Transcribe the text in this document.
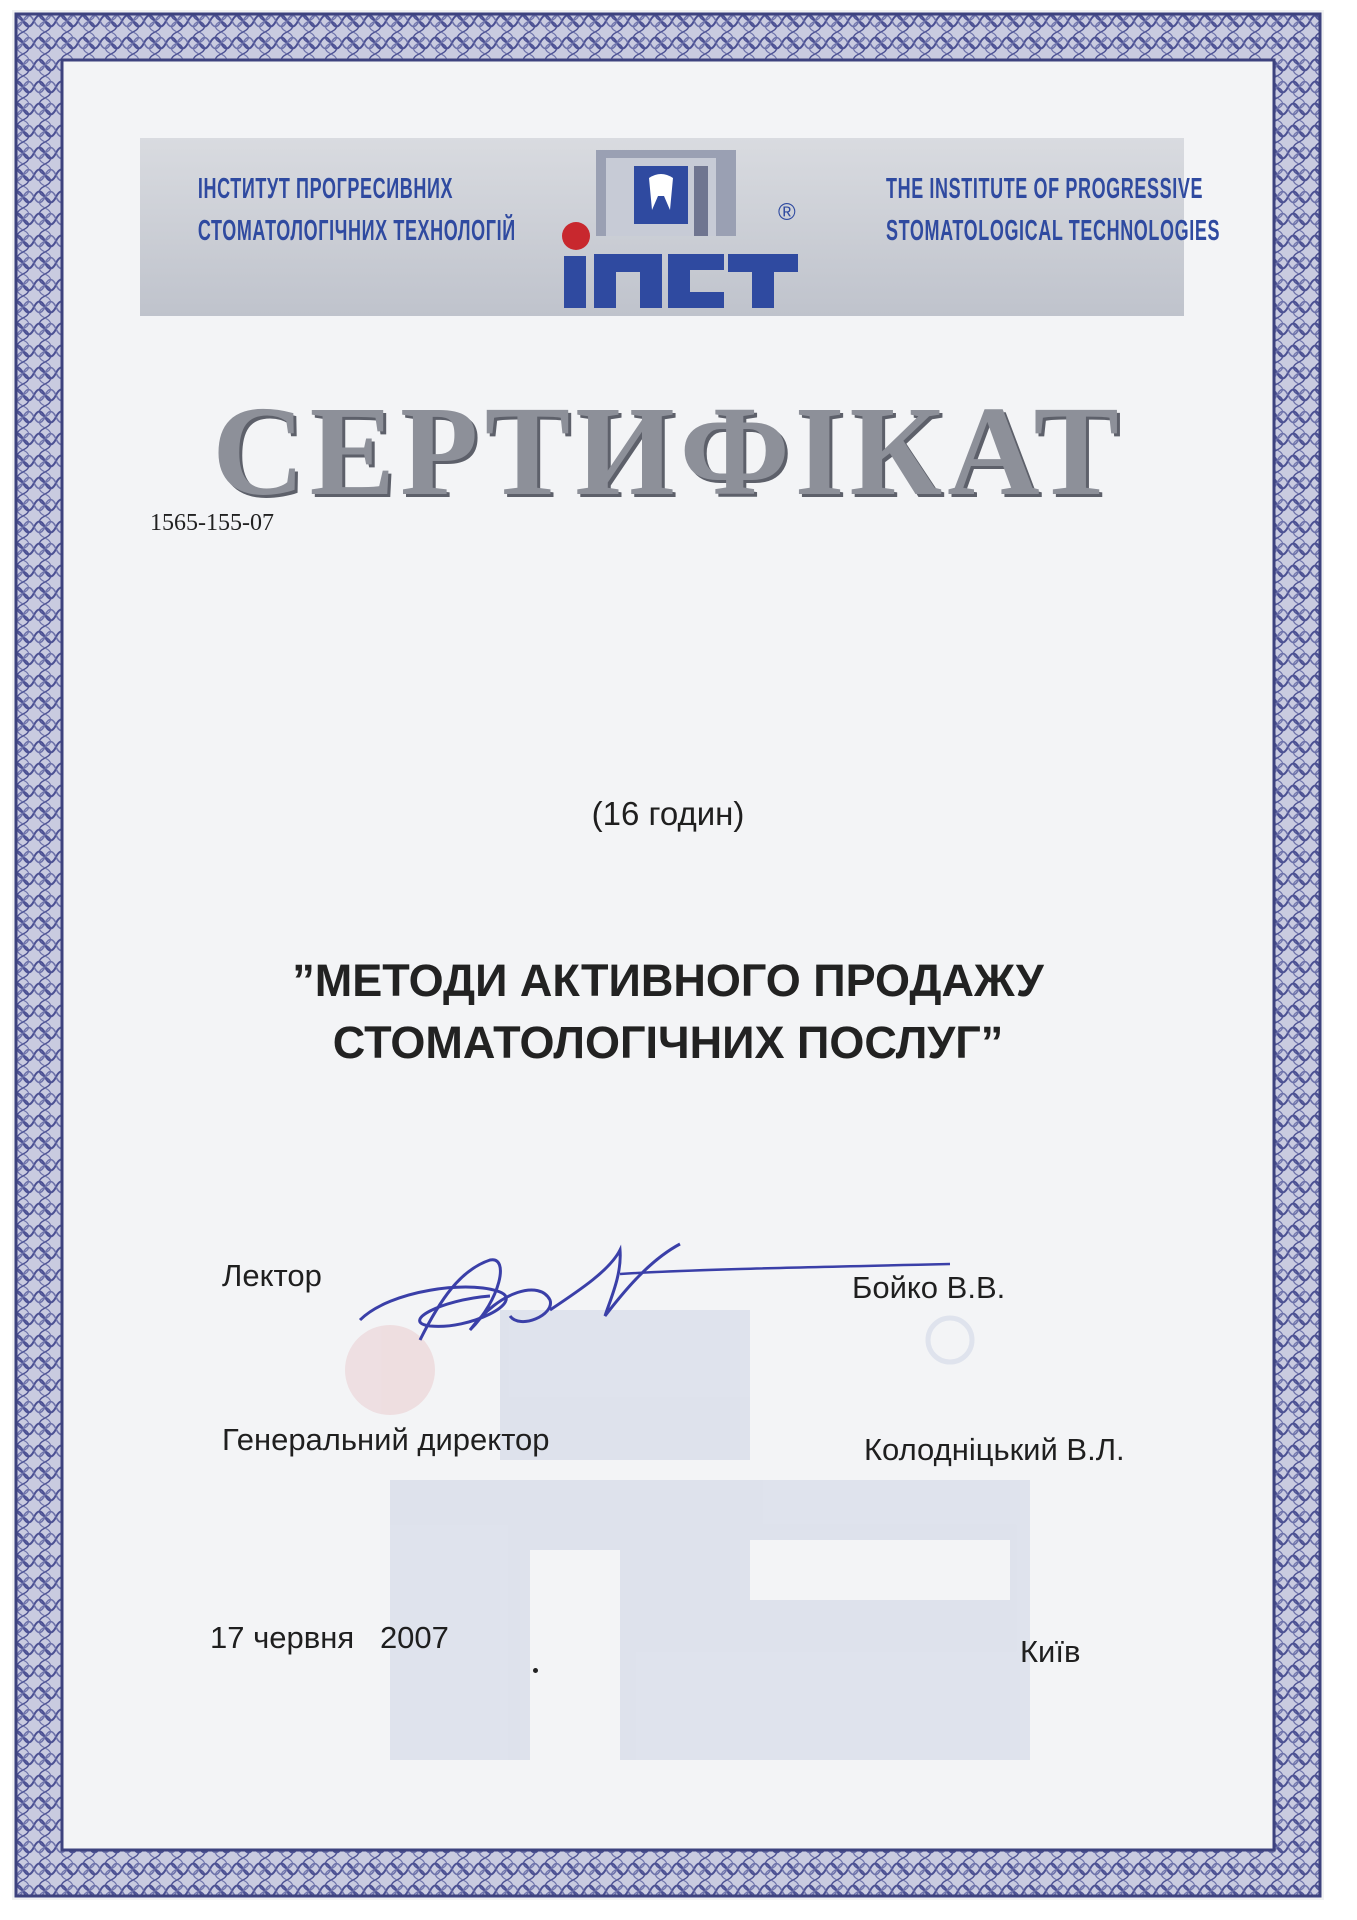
ІНСТИТУТ ПРОГРЕСИВНИХ
СТОМАТОЛОГІЧНИХ ТЕХНОЛОГІЙ
®
THE INSTITUTE OF PROGRESSIVE
STOMATOLOGICAL TECHNOLOGIES
СЕРТИФІКАТ
1565-155-07
(16 годин)
”МЕТОДИ АКТИВНОГО ПРОДАЖУ
СТОМАТОЛОГІЧНИХ ПОСЛУГ”
Лектор	Бойко В.В.
Генеральний директор	Колодніцький В.Л.
17 червня   2007	Київ
